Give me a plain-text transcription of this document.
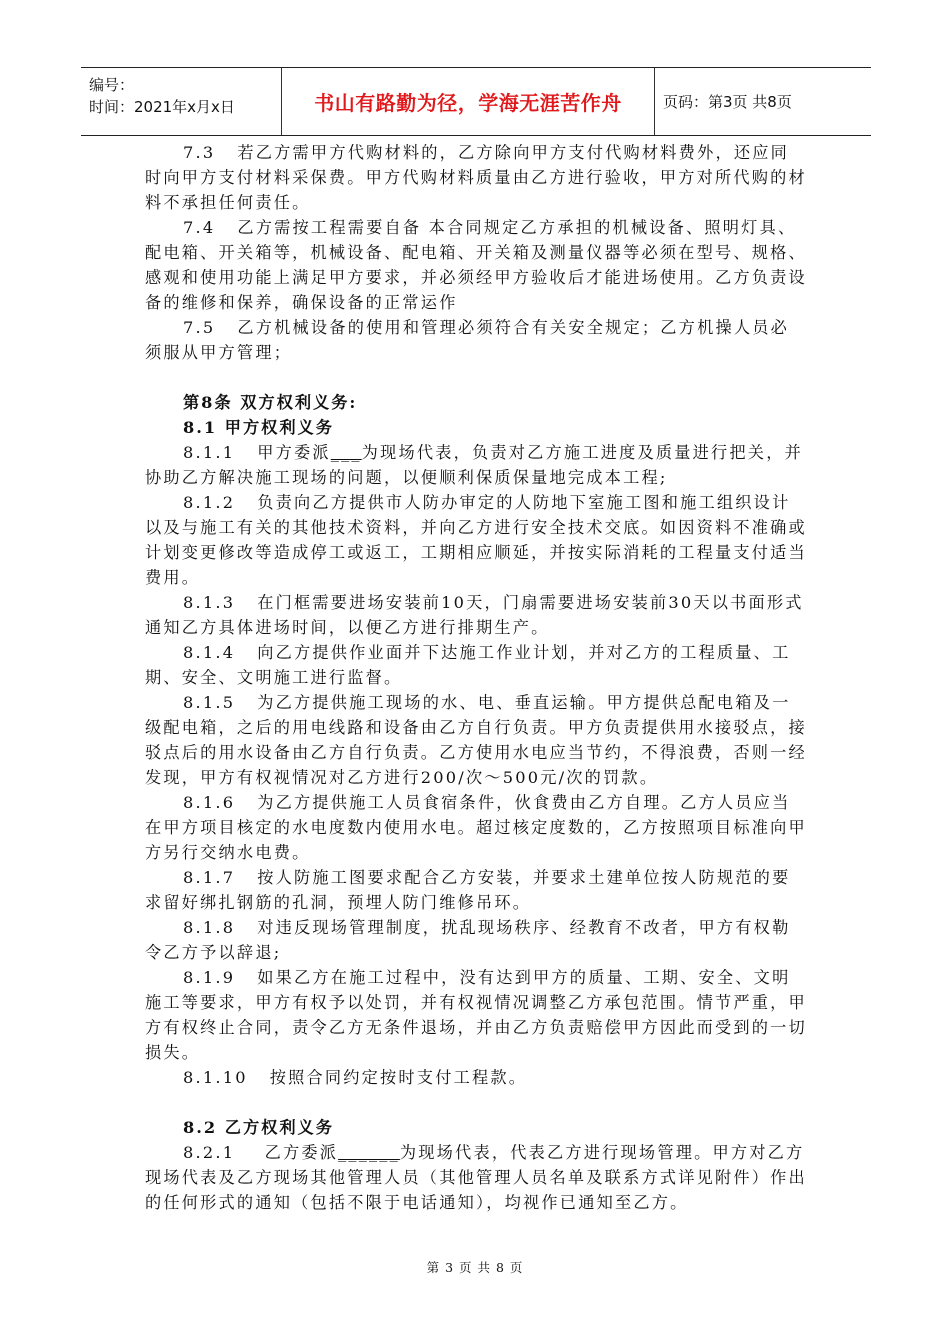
编号：
时间：2021年x月x日	书山有路勤为径，学海无涯苦作舟	页码：第3页 共8页

7.3   若乙方需甲方代购材料的，乙方除向甲方支付代购材料费外，还应同时向甲方支付材料采保费。甲方代购材料质量由乙方进行验收，甲方对所代购的材料不承担任何责任。

7.4   乙方需按工程需要自备 本合同规定乙方承担的机械设备、照明灯具、配电箱、开关箱等，机械设备、配电箱、开关箱及测量仪器等必须在型号、规格、感观和使用功能上满足甲方要求，并必须经甲方验收后才能进场使用。乙方负责设备的维修和保养，确保设备的正常运作

7.5   乙方机械设备的使用和管理必须符合有关安全规定；乙方机操人员必须服从甲方管理；

第8条 双方权利义务:

8.1 甲方权利义务

8.1.1   甲方委派___为现场代表，负责对乙方施工进度及质量进行把关，并协助乙方解决施工现场的问题，以便顺利保质保量地完成本工程;

8.1.2   负责向乙方提供市人防办审定的人防地下室施工图和施工组织设计以及与施工有关的其他技术资料，并向乙方进行安全技术交底。如因资料不准确或计划变更修改等造成停工或返工，工期相应顺延，并按实际消耗的工程量支付适当费用。

8.1.3   在门框需要进场安装前10天，门扇需要进场安装前30天以书面形式通知乙方具体进场时间，以便乙方进行排期生产。

8.1.4   向乙方提供作业面并下达施工作业计划，并对乙方的工程质量、工期、安全、文明施工进行监督。

8.1.5   为乙方提供施工现场的水、电、垂直运输。甲方提供总配电箱及一级配电箱，之后的用电线路和设备由乙方自行负责。甲方负责提供用水接驳点，接驳点后的用水设备由乙方自行负责。乙方使用水电应当节约，不得浪费，否则一经发现，甲方有权视情况对乙方进行200/次～500元/次的罚款。

8.1.6   为乙方提供施工人员食宿条件，伙食费由乙方自理。乙方人员应当在甲方项目核定的水电度数内使用水电。超过核定度数的，乙方按照项目标准向甲方另行交纳水电费。

8.1.7   按人防施工图要求配合乙方安装，并要求土建单位按人防规范的要求留好绑扎钢筋的孔洞，预埋人防门维修吊环。

8.1.8   对违反现场管理制度，扰乱现场秩序、经教育不改者，甲方有权勒令乙方予以辞退;

8.1.9   如果乙方在施工过程中，没有达到甲方的质量、工期、安全、文明施工等要求，甲方有权予以处罚，并有权视情况调整乙方承包范围。情节严重，甲方有权终止合同，责令乙方无条件退场，并由乙方负责赔偿甲方因此而受到的一切损失。

8.1.10   按照合同约定按时支付工程款。

8.2 乙方权利义务

8.2.1    乙方委派______为现场代表，代表乙方进行现场管理。甲方对乙方现场代表及乙方现场其他管理人员（其他管理人员名单及联系方式详见附件）作出的任何形式的通知（包括不限于电话通知），均视作已通知至乙方。

第 3 页 共 8 页
